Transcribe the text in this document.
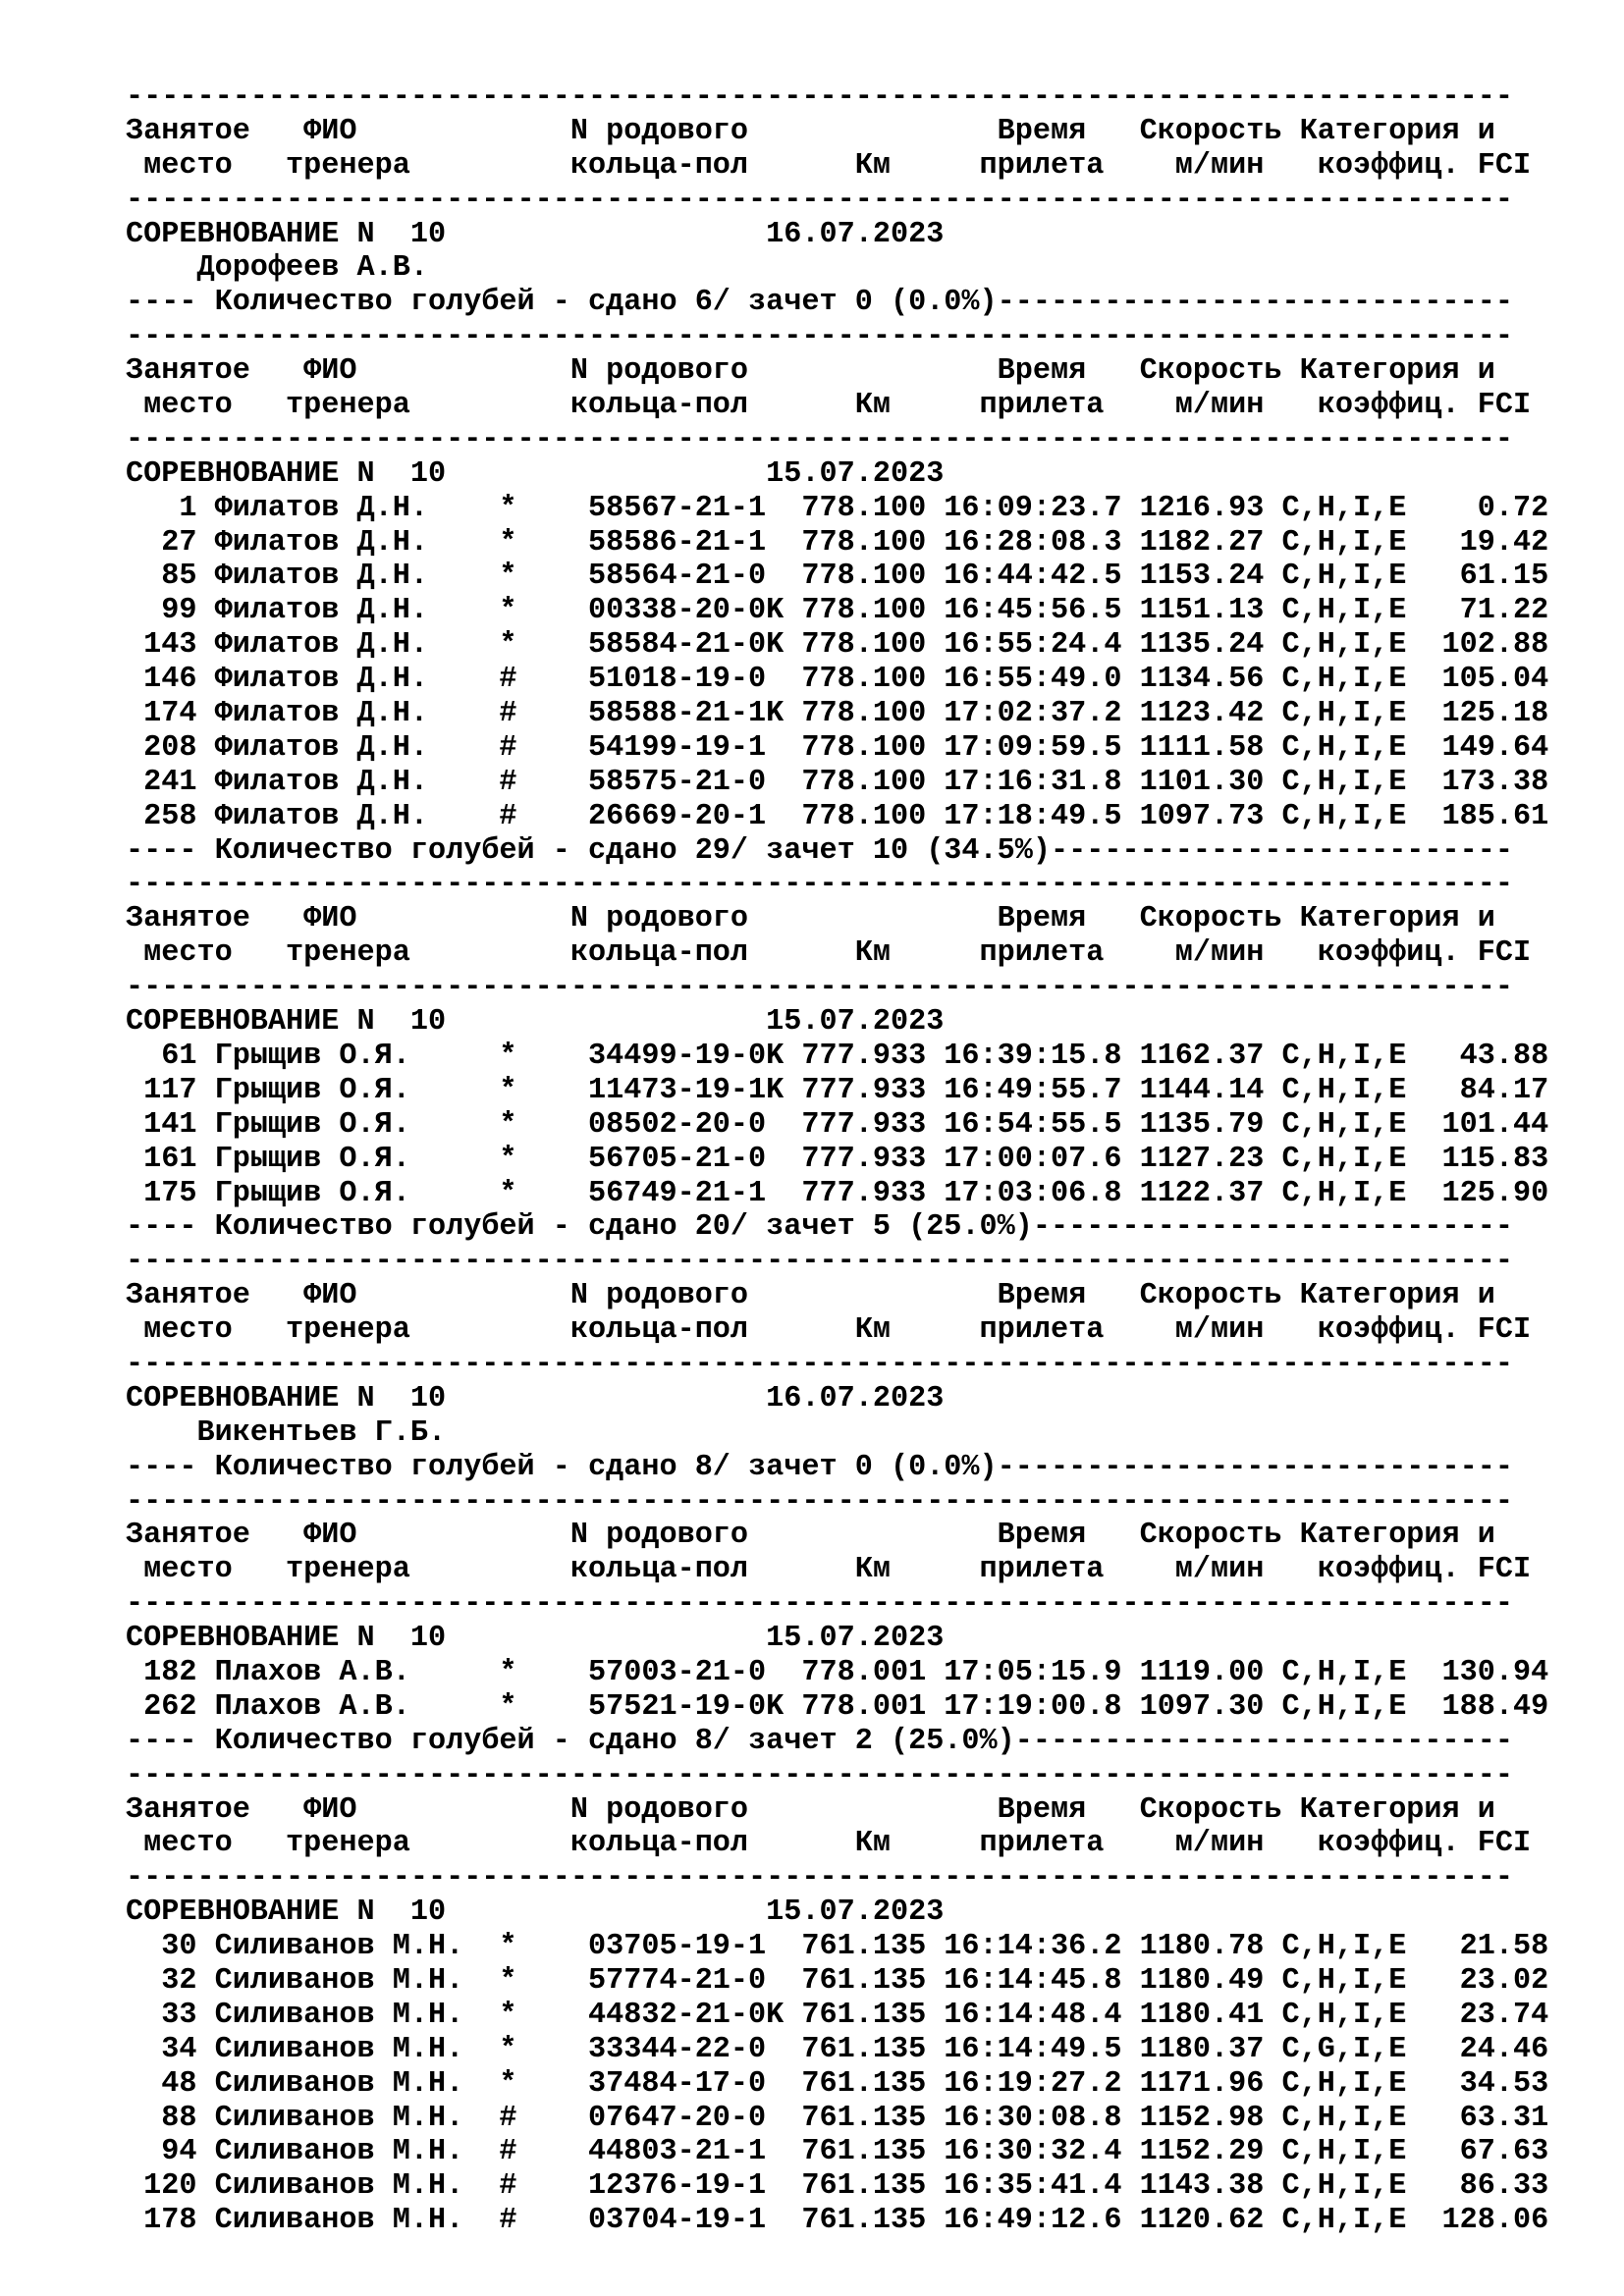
------------------------------------------------------------------------------
Занятое   ФИО            N родового              Время   Скорость Категория и
место   тренера         кольца-пол      Км     прилета    м/мин   коэффиц. FCI
------------------------------------------------------------------------------
СОРЕВНОВАНИЕ N  10                  16.07.2023
Дорофеев А.В.
---- Количество голубей - сдано 6/ зачет 0 (0.0%)-----------------------------
------------------------------------------------------------------------------
Занятое   ФИО            N родового              Время   Скорость Категория и
место   тренера         кольца-пол      Км     прилета    м/мин   коэффиц. FCI
------------------------------------------------------------------------------
СОРЕВНОВАНИЕ N  10                  15.07.2023
1 Филатов Д.Н.    *    58567-21-1  778.100 16:09:23.7 1216.93 C,H,I,E    0.72
27 Филатов Д.Н.    *    58586-21-1  778.100 16:28:08.3 1182.27 C,H,I,E   19.42
85 Филатов Д.Н.    *    58564-21-0  778.100 16:44:42.5 1153.24 C,H,I,E   61.15
99 Филатов Д.Н.    *    00338-20-0K 778.100 16:45:56.5 1151.13 C,H,I,E   71.22
143 Филатов Д.Н.    *    58584-21-0K 778.100 16:55:24.4 1135.24 C,H,I,E  102.88
146 Филатов Д.Н.    #    51018-19-0  778.100 16:55:49.0 1134.56 C,H,I,E  105.04
174 Филатов Д.Н.    #    58588-21-1K 778.100 17:02:37.2 1123.42 C,H,I,E  125.18
208 Филатов Д.Н.    #    54199-19-1  778.100 17:09:59.5 1111.58 C,H,I,E  149.64
241 Филатов Д.Н.    #    58575-21-0  778.100 17:16:31.8 1101.30 C,H,I,E  173.38
258 Филатов Д.Н.    #    26669-20-1  778.100 17:18:49.5 1097.73 C,H,I,E  185.61
---- Количество голубей - сдано 29/ зачет 10 (34.5%)--------------------------
------------------------------------------------------------------------------
Занятое   ФИО            N родового              Время   Скорость Категория и
место   тренера         кольца-пол      Км     прилета    м/мин   коэффиц. FCI
------------------------------------------------------------------------------
СОРЕВНОВАНИЕ N  10                  15.07.2023
61 Грыщив О.Я.     *    34499-19-0K 777.933 16:39:15.8 1162.37 C,H,I,E   43.88
117 Грыщив О.Я.     *    11473-19-1K 777.933 16:49:55.7 1144.14 C,H,I,E   84.17
141 Грыщив О.Я.     *    08502-20-0  777.933 16:54:55.5 1135.79 C,H,I,E  101.44
161 Грыщив О.Я.     *    56705-21-0  777.933 17:00:07.6 1127.23 C,H,I,E  115.83
175 Грыщив О.Я.     *    56749-21-1  777.933 17:03:06.8 1122.37 C,H,I,E  125.90
---- Количество голубей - сдано 20/ зачет 5 (25.0%)---------------------------
------------------------------------------------------------------------------
Занятое   ФИО            N родового              Время   Скорость Категория и
место   тренера         кольца-пол      Км     прилета    м/мин   коэффиц. FCI
------------------------------------------------------------------------------
СОРЕВНОВАНИЕ N  10                  16.07.2023
Викентьев Г.Б.
---- Количество голубей - сдано 8/ зачет 0 (0.0%)-----------------------------
------------------------------------------------------------------------------
Занятое   ФИО            N родового              Время   Скорость Категория и
место   тренера         кольца-пол      Км     прилета    м/мин   коэффиц. FCI
------------------------------------------------------------------------------
СОРЕВНОВАНИЕ N  10                  15.07.2023
182 Плахов А.В.     *    57003-21-0  778.001 17:05:15.9 1119.00 C,H,I,E  130.94
262 Плахов А.В.     *    57521-19-0K 778.001 17:19:00.8 1097.30 C,H,I,E  188.49
---- Количество голубей - сдано 8/ зачет 2 (25.0%)----------------------------
------------------------------------------------------------------------------
Занятое   ФИО            N родового              Время   Скорость Категория и
место   тренера         кольца-пол      Км     прилета    м/мин   коэффиц. FCI
------------------------------------------------------------------------------
СОРЕВНОВАНИЕ N  10                  15.07.2023
30 Силиванов М.Н.  *    03705-19-1  761.135 16:14:36.2 1180.78 C,H,I,E   21.58
32 Силиванов М.Н.  *    57774-21-0  761.135 16:14:45.8 1180.49 C,H,I,E   23.02
33 Силиванов М.Н.  *    44832-21-0K 761.135 16:14:48.4 1180.41 C,H,I,E   23.74
34 Силиванов М.Н.  *    33344-22-0  761.135 16:14:49.5 1180.37 C,G,I,E   24.46
48 Силиванов М.Н.  *    37484-17-0  761.135 16:19:27.2 1171.96 C,H,I,E   34.53
88 Силиванов М.Н.  #    07647-20-0  761.135 16:30:08.8 1152.98 C,H,I,E   63.31
94 Силиванов М.Н.  #    44803-21-1  761.135 16:30:32.4 1152.29 C,H,I,E   67.63
120 Силиванов М.Н.  #    12376-19-1  761.135 16:35:41.4 1143.38 C,H,I,E   86.33
178 Силиванов М.Н.  #    03704-19-1  761.135 16:49:12.6 1120.62 C,H,I,E  128.06
